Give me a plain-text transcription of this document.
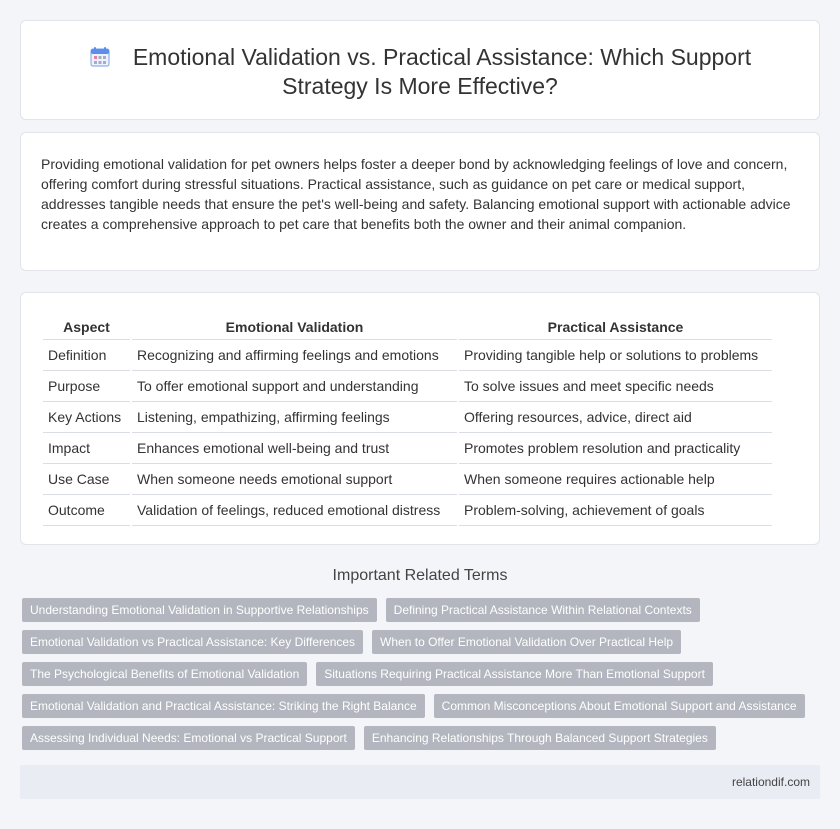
Emotional Validation vs. Practical Assistance: Which Support Strategy Is More Effective?

Providing emotional validation for pet owners helps foster a deeper bond by acknowledging feelings of love and concern, offering comfort during stressful situations. Practical assistance, such as guidance on pet care or medical support, addresses tangible needs that ensure the pet's well-being and safety. Balancing emotional support with actionable advice creates a comprehensive approach to pet care that benefits both the owner and their animal companion.

Aspect	Emotional Validation	Practical Assistance
Definition	Recognizing and affirming feelings and emotions	Providing tangible help or solutions to problems
Purpose	To offer emotional support and understanding	To solve issues and meet specific needs
Key Actions	Listening, empathizing, affirming feelings	Offering resources, advice, direct aid
Impact	Enhances emotional well-being and trust	Promotes problem resolution and practicality
Use Case	When someone needs emotional support	When someone requires actionable help
Outcome	Validation of feelings, reduced emotional distress	Problem-solving, achievement of goals
Important Related Terms
Understanding Emotional Validation in Supportive Relationships	Defining Practical Assistance Within Relational Contexts
Emotional Validation vs Practical Assistance: Key Differences	When to Offer Emotional Validation Over Practical Help
The Psychological Benefits of Emotional Validation	Situations Requiring Practical Assistance More Than Emotional Support
Emotional Validation and Practical Assistance: Striking the Right Balance	Common Misconceptions About Emotional Support and Assistance
Assessing Individual Needs: Emotional vs Practical Support	Enhancing Relationships Through Balanced Support Strategies
relationdif.com
